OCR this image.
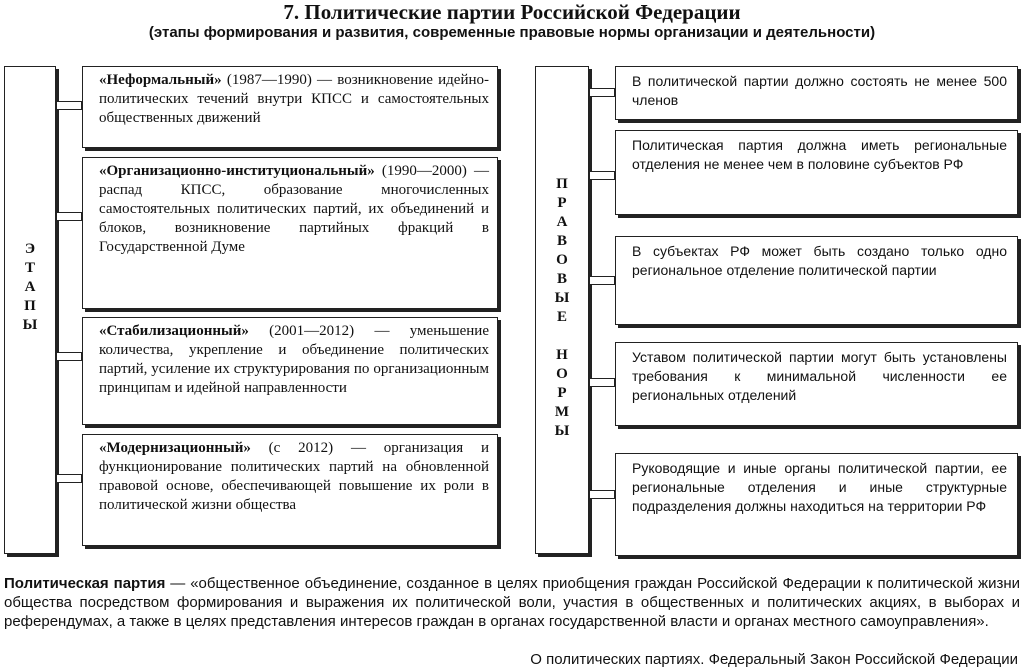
7. Политические партии Российской Федерации
(этапы формирования и развития, современные правовые нормы организации и деятельности)
Э
Т
А
П
Ы
«Неформальный» (1987—1990) — возникновение идейно-политических течений внутри КПСС и самостоятельных общественных движений
«Организационно-институциональный» (1990—2000) — распад КПСС, образование многочисленных самостоятельных политических партий, их объединений и блоков, возникновение партийных фракций в Государственной Думе
«Стабилизационный» (2001—2012) — уменьшение количества, укрепление и объединение политических партий, усиление их структурирования по организационным принципам и идейной направленности
«Модернизационный» (с 2012) — организация и функционирование политических партий на обновленной правовой основе, обеспечивающей повышение их роли в политической жизни общества
П
Р
А
В
О
В
Ы
Е
Н
О
Р
М
Ы
В политической партии должно состоять не менее 500 членов
Политическая партия должна иметь региональные отделения не менее чем в половине субъектов РФ
В субъектах РФ может быть создано только одно региональное отделение политической партии
Уставом политической партии могут быть установлены требования к минимальной численности ее региональных отделений
Руководящие и иные органы политической партии, ее региональные отделения и иные структурные подразделения должны находиться на территории РФ
Политическая партия — «общественное объединение, созданное в целях приобщения граждан Российской Федерации к политической жизни общества посредством формирования и выражения их политической воли, участия в общественных и политических акциях, в выборах и референдумах, а также в целях представления интересов граждан в органах государственной власти и органах местного самоуправления».
О политических партиях. Федеральный Закон Российской Федерации
